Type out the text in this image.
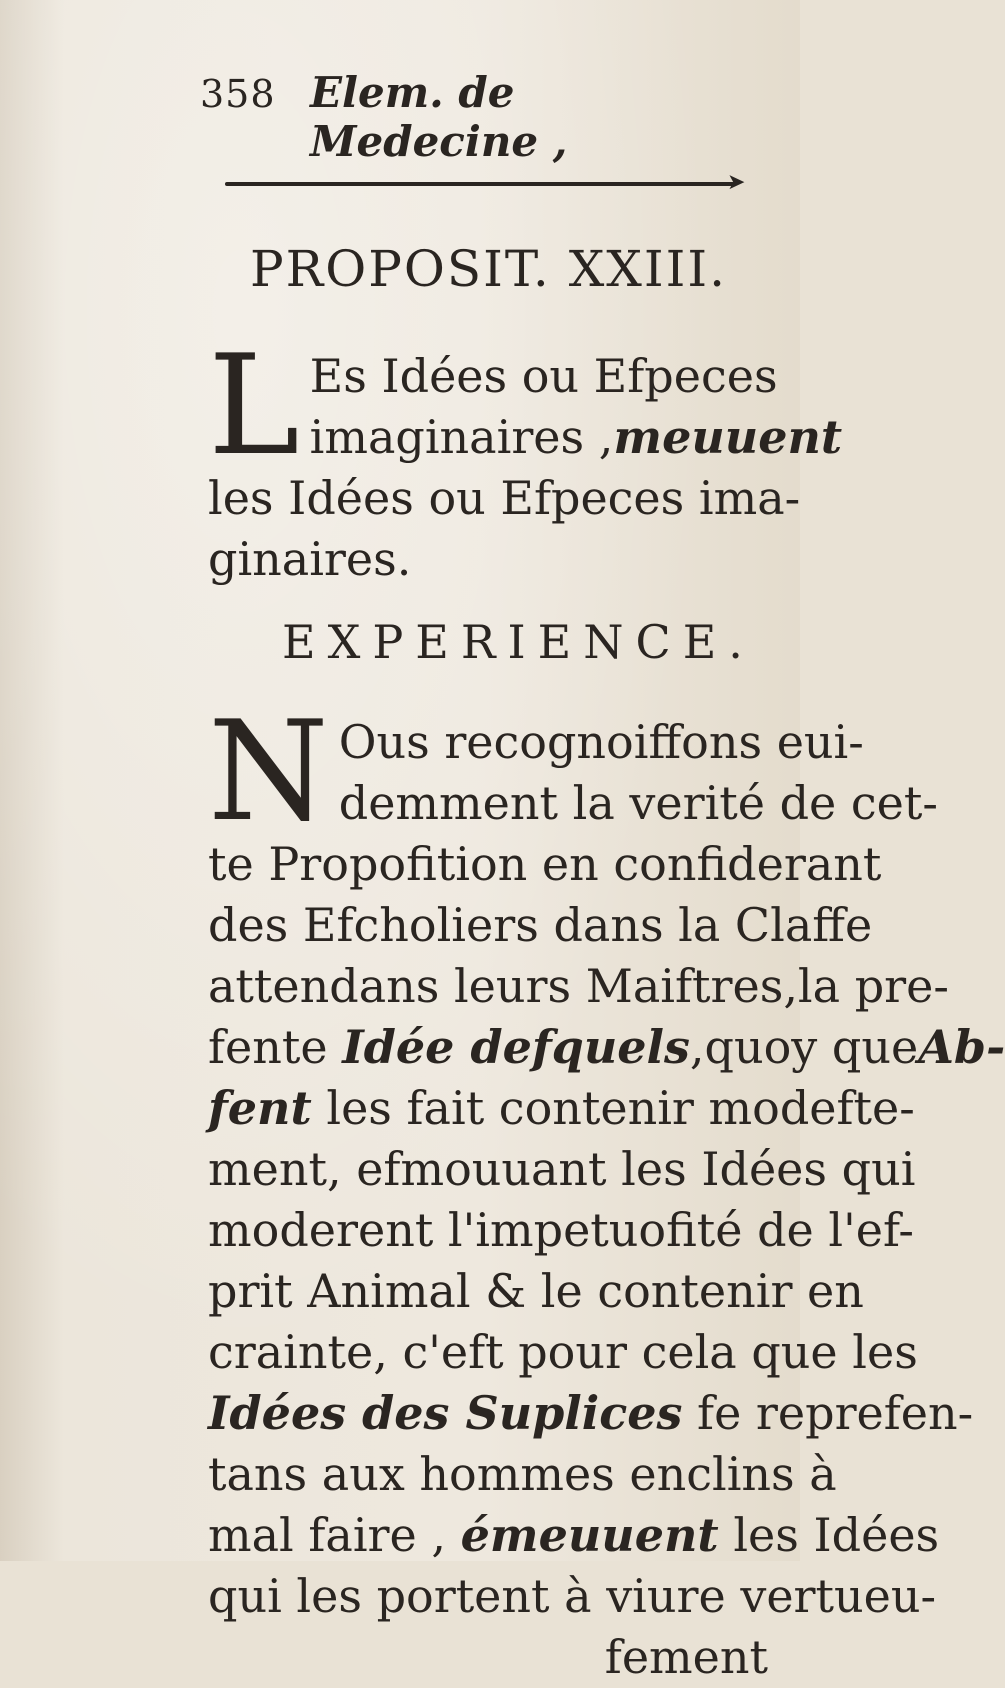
358 Elem. de Medecine ,
➤
PROPOSIT. XXIII.
L Es Idées ou Efpeces
imaginaires , meuuent
les Idées ou Efpeces ima-
ginaires.
EXPERIENCE.
N Ous recognoiffons eui-
demment la verité de cet-
te Propofition en confiderant
des Efcholiers dans la Claffe
attendans leurs Maiftres,la pre-
fente Idée defquels,quoy queAb-
fent les fait contenir modefte-
ment, efmouuant les Idées qui
moderent l'impetuofité de l'ef-
prit Animal & le contenir en
crainte, c'eft pour cela que les
Idées des Suplices fe reprefen-
tans aux hommes enclins à
mal faire , émeuuent les Idées
qui les portent à viure vertueu-
fement
